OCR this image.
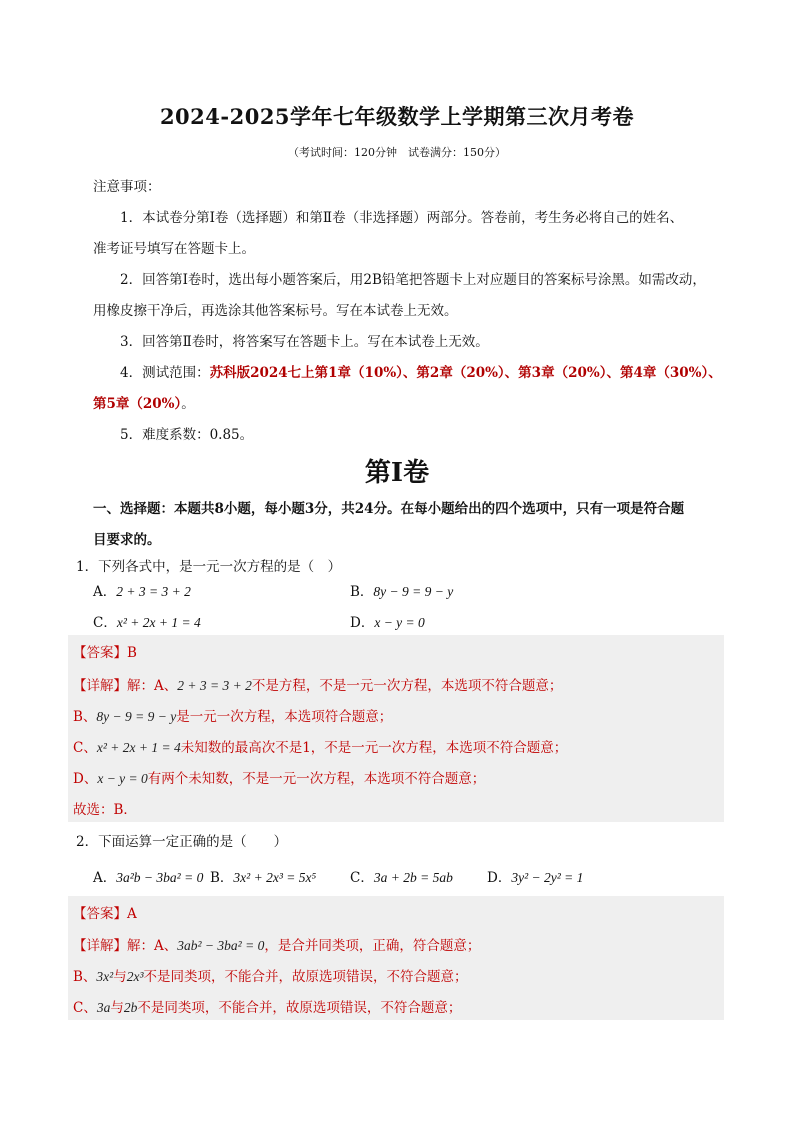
2024-2025学年七年级数学上学期第三次月考卷
（考试时间：120分钟　试卷满分：150分）
注意事项：
1．本试卷分第Ⅰ卷（选择题）和第Ⅱ卷（非选择题）两部分。答卷前，考生务必将自己的姓名、
准考证号填写在答题卡上。
2．回答第Ⅰ卷时，选出每小题答案后，用2B铅笔把答题卡上对应题目的答案标号涂黑。如需改动，
用橡皮擦干净后，再选涂其他答案标号。写在本试卷上无效。
3．回答第Ⅱ卷时，将答案写在答题卡上。写在本试卷上无效。
4．测试范围：苏科版2024七上第1章（10%）、第2章（20%）、第3章（20%）、第4章（30%）、
第5章（20%）。
5．难度系数：0.85。
第Ⅰ卷
一、选择题：本题共8小题，每小题3分，共24分。在每小题给出的四个选项中，只有一项是符合题
目要求的。
1．下列各式中，是一元一次方程的是（　）
A．2 + 3 = 3 + 2	B．8y − 9 = 9 − y
C．x² + 2x + 1 = 4	D．x − y = 0
【答案】B
【详解】解：A、2 + 3 = 3 + 2不是方程，不是一元一次方程，本选项不符合题意；
B、8y − 9 = 9 − y是一元一次方程，本选项符合题意；
C、x² + 2x + 1 = 4未知数的最高次不是1，不是一元一次方程，本选项不符合题意；
D、x − y = 0有两个未知数，不是一元一次方程，本选项不符合题意；
故选：B．
2．下面运算一定正确的是（　　）
A．3a²b − 3ba² = 0 B．3x² + 2x³ = 5x⁵	C．3a + 2b = 5ab	D．3y² − 2y² = 1
【答案】A
【详解】解：A、3ab² − 3ba² = 0，是合并同类项，正确，符合题意；
B、3x²与2x³不是同类项，不能合并，故原选项错误，不符合题意；
C、3a与2b不是同类项，不能合并，故原选项错误，不符合题意；
